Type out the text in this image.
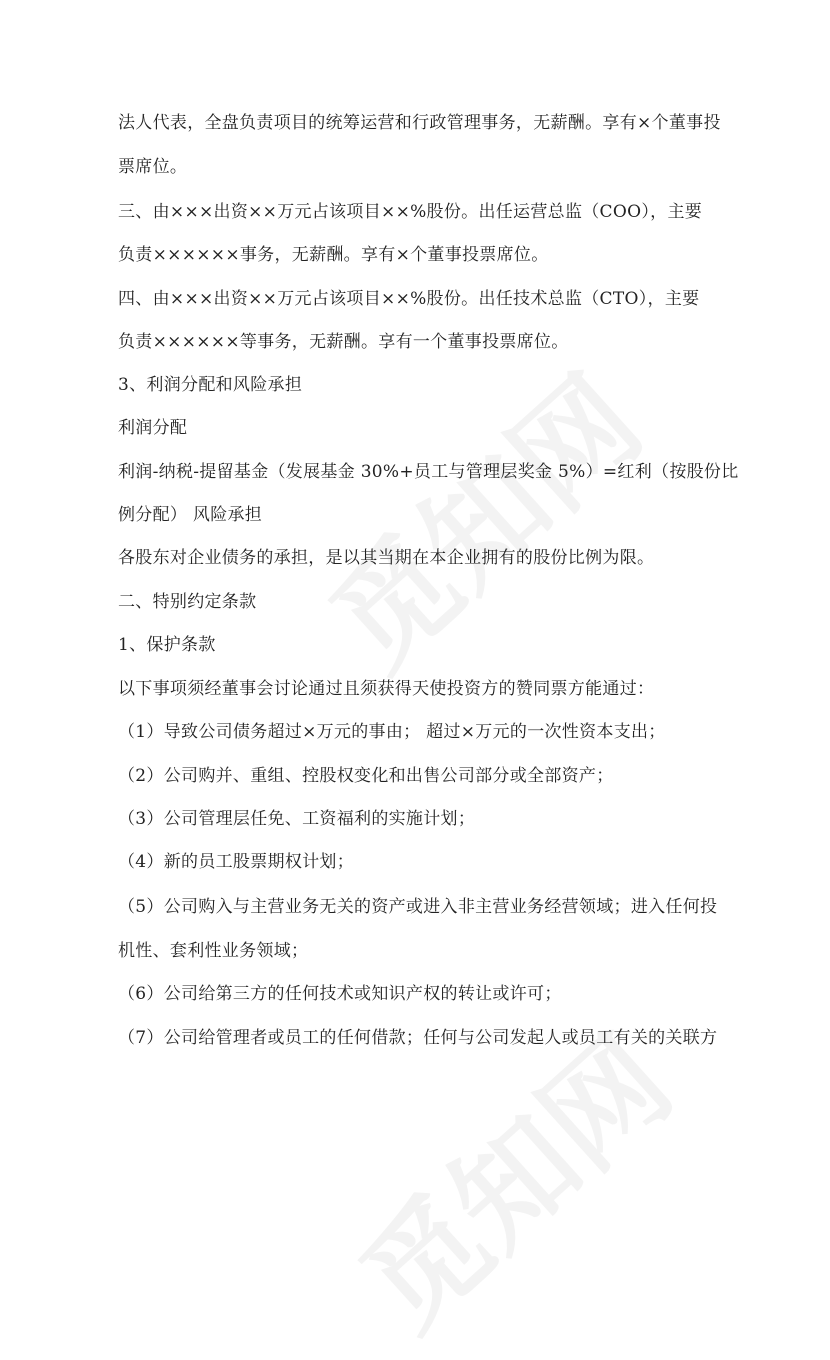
法人代表，全盘负责项目的统筹运营和行政管理事务，无薪酬。享有×个董事投
票席位。
三、由×××出资××万元占该项目××%股份。出任运营总监（COO），主要
负责××××××事务，无薪酬。享有×个董事投票席位。
四、由×××出资××万元占该项目××%股份。出任技术总监（CTO），主要
负责××××××等事务，无薪酬。享有一个董事投票席位。
3、利润分配和风险承担
利润分配
利润-纳税-提留基金（发展基金 30%+员工与管理层奖金 5%）=红利（按股份比
例分配） 风险承担
各股东对企业债务的承担，是以其当期在本企业拥有的股份比例为限。
二、特别约定条款
1、保护条款
以下事项须经董事会讨论通过且须获得天使投资方的赞同票方能通过：
（1）导致公司债务超过×万元的事由； 超过×万元的一次性资本支出；
（2）公司购并、重组、控股权变化和出售公司部分或全部资产；
（3）公司管理层任免、工资福利的实施计划；
（4）新的员工股票期权计划；
（5）公司购入与主营业务无关的资产或进入非主营业务经营领域；进入任何投
机性、套利性业务领域；
（6）公司给第三方的任何技术或知识产权的转让或许可；
（7）公司给管理者或员工的任何借款；任何与公司发起人或员工有关的关联方
